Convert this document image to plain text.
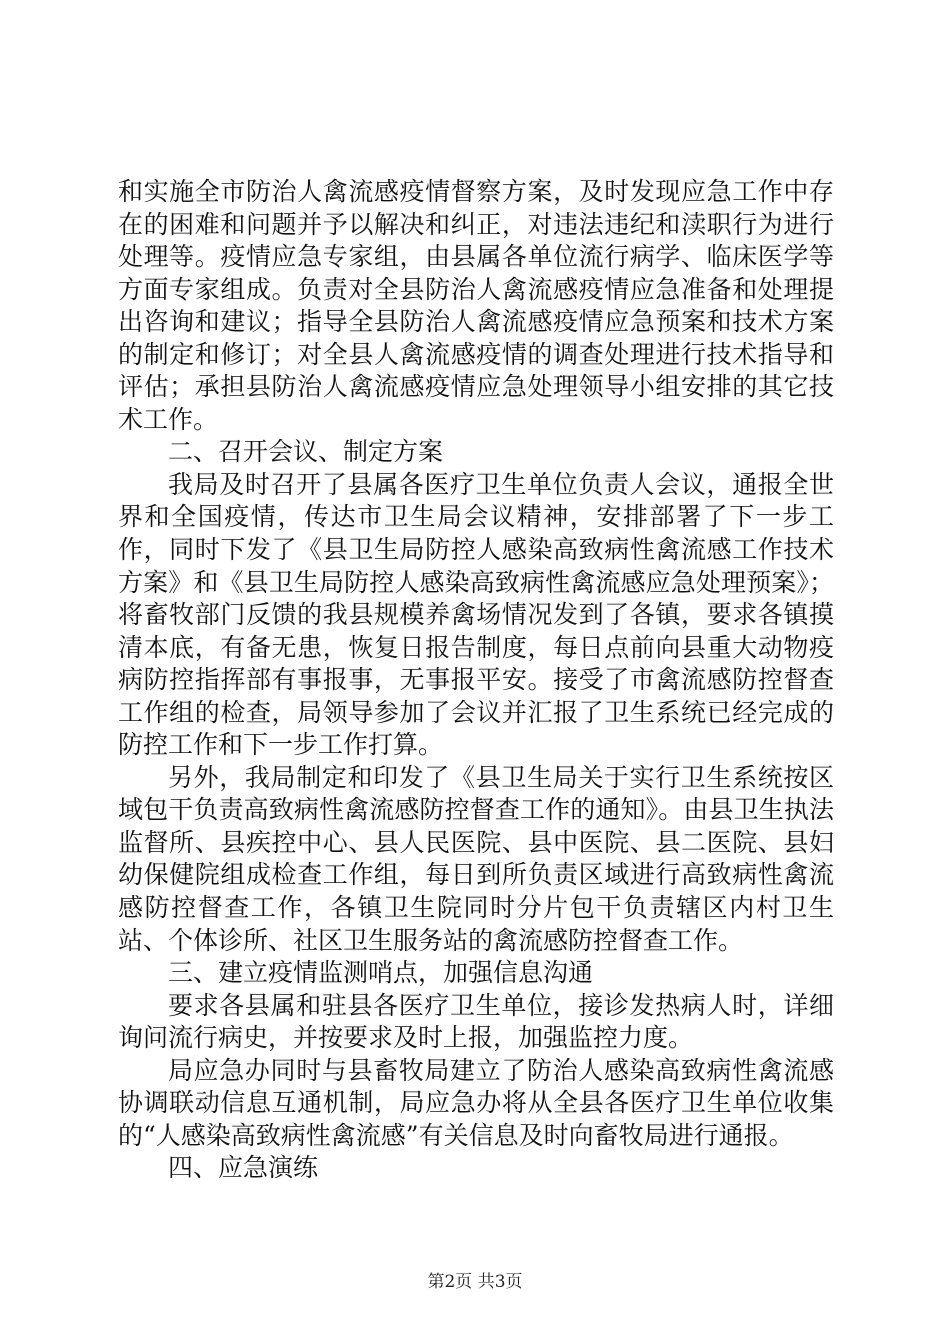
和实施全市防治人禽流感疫情督察方案，及时发现应急工作中存在的困难和问题并予以解决和纠正，对违法违纪和渎职行为进行处理等。疫情应急专家组，由县属各单位流行病学、临床医学等方面专家组成。负责对全县防治人禽流感疫情应急准备和处理提出咨询和建议；指导全县防治人禽流感疫情应急预案和技术方案的制定和修订；对全县人禽流感疫情的调查处理进行技术指导和评估；承担县防治人禽流感疫情应急处理领导小组安排的其它技术工作。

二、召开会议、制定方案

我局及时召开了县属各医疗卫生单位负责人会议，通报全世界和全国疫情，传达市卫生局会议精神，安排部署了下一步工作，同时下发了《县卫生局防控人感染高致病性禽流感工作技术方案》和《县卫生局防控人感染高致病性禽流感应急处理预案》；将畜牧部门反馈的我县规模养禽场情况发到了各镇，要求各镇摸清本底，有备无患，恢复日报告制度，每日点前向县重大动物疫病防控指挥部有事报事，无事报平安。接受了市禽流感防控督查工作组的检查，局领导参加了会议并汇报了卫生系统已经完成的防控工作和下一步工作打算。

另外，我局制定和印发了《县卫生局关于实行卫生系统按区域包干负责高致病性禽流感防控督查工作的通知》。由县卫生执法监督所、县疾控中心、县人民医院、县中医院、县二医院、县妇幼保健院组成检查工作组，每日到所负责区域进行高致病性禽流感防控督查工作，各镇卫生院同时分片包干负责辖区内村卫生站、个体诊所、社区卫生服务站的禽流感防控督查工作。

三、建立疫情监测哨点，加强信息沟通

要求各县属和驻县各医疗卫生单位，接诊发热病人时，详细询问流行病史，并按要求及时上报，加强监控力度。

局应急办同时与县畜牧局建立了防治人感染高致病性禽流感协调联动信息互通机制，局应急办将从全县各医疗卫生单位收集的“人感染高致病性禽流感”有关信息及时向畜牧局进行通报。

四、应急演练

第2页 共3页
